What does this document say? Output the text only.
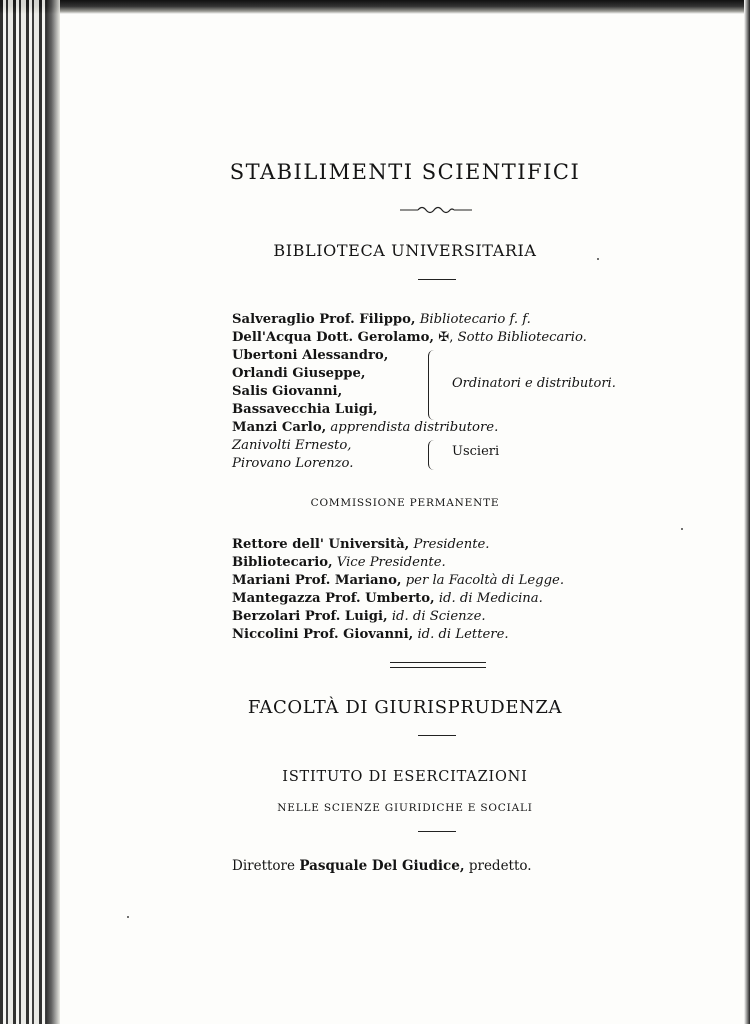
STABILIMENTI SCIENTIFICI
BIBLIOTECA UNIVERSITARIA
Salveraglio Prof. Filippo, Bibliotecario f. f.
Dell'Acqua Dott. Gerolamo, ✠, Sotto Bibliotecario.
Ubertoni Alessandro,
Orlandi Giuseppe,
Salis Giovanni,
Bassavecchia Luigi,
Ordinatori e distributori.
Manzi Carlo, apprendista distributore.
Zanivolti Ernesto,
Pirovano Lorenzo.
Uscieri
COMMISSIONE PERMANENTE
Rettore dell' Università, Presidente.
Bibliotecario, Vice Presidente.
Mariani Prof. Mariano, per la Facoltà di Legge.
Mantegazza Prof. Umberto, id. di Medicina.
Berzolari Prof. Luigi, id. di Scienze.
Niccolini Prof. Giovanni, id. di Lettere.
FACOLTÀ DI GIURISPRUDENZA
ISTITUTO DI ESERCITAZIONI
NELLE SCIENZE GIURIDICHE E SOCIALI
Direttore Pasquale Del Giudice, predetto.
